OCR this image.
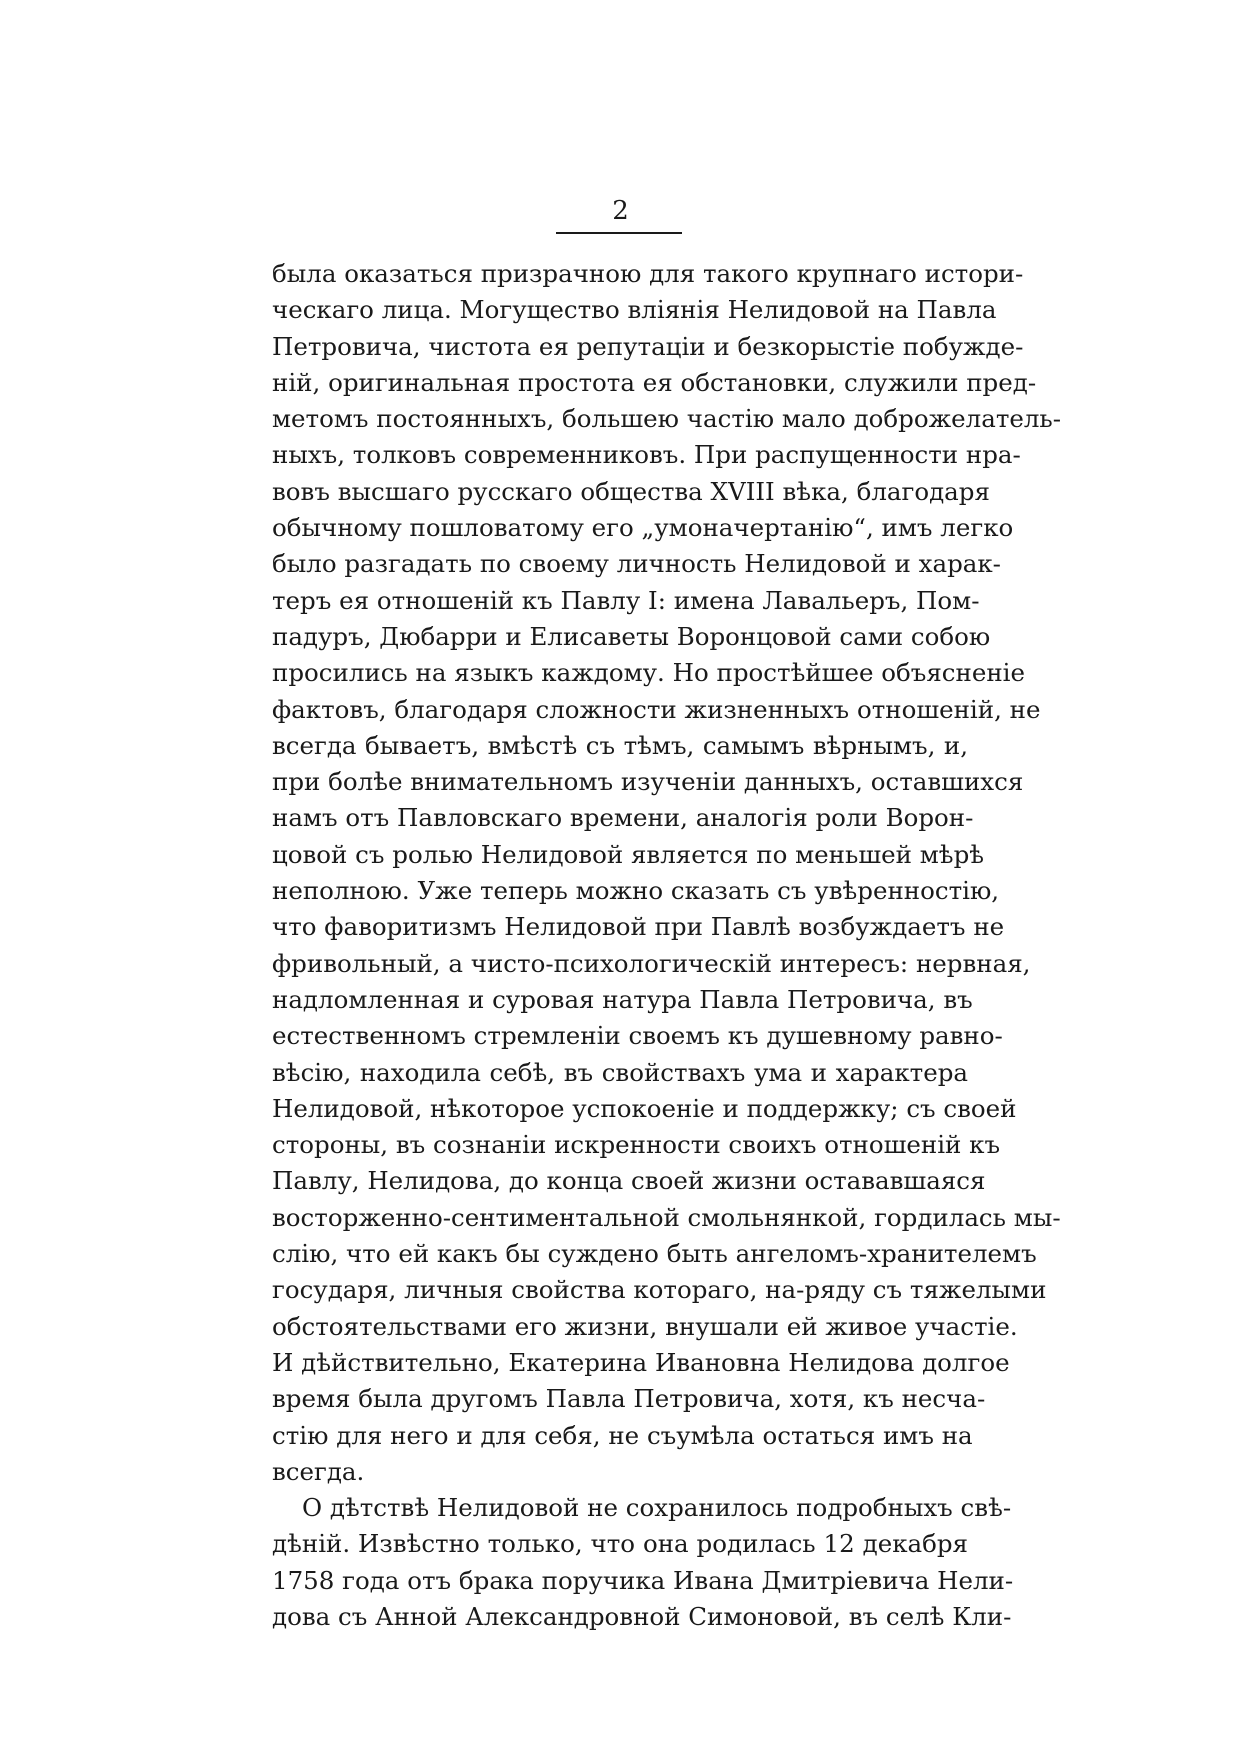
2
была оказаться призрачною для такого крупнаго истори-
ческаго лица. Могущество влiянiя Нелидовой на Павла
Петровича, чистота ея репутацiи и безкорыстiе побужде-
нiй, оригинальная простота ея обстановки, служили пред-
метомъ постоянныхъ, большею частiю мало доброжелатель-
ныхъ, толковъ современниковъ. При распущенности нра-
вовъ высшаго русскаго общества XVIII вѣка, благодаря
обычному пошловатому его „умоначертанiю“, имъ легко
было разгадать по своему личность Нелидовой и харак-
теръ ея отношенiй къ Павлу I: имена Лавальеръ, Пом-
падуръ, Дюбарри и Елисаветы Воронцовой сами собою
просились на языкъ каждому. Но простѣйшее объясненiе
фактовъ, благодаря сложности жизненныхъ отношенiй, не
всегда бываетъ, вмѣстѣ съ тѣмъ, самымъ вѣрнымъ, и,
при болѣе внимательномъ изученiи данныхъ, оставшихся
намъ отъ Павловскаго времени, аналогiя роли Ворон-
цовой съ ролью Нелидовой является по меньшей мѣрѣ
неполною. Уже теперь можно сказать съ увѣренностiю,
что фаворитизмъ Нелидовой при Павлѣ возбуждаетъ не
фривольный, а чисто-психологическiй интересъ: нервная,
надломленная и суровая натура Павла Петровича, въ
естественномъ стремленiи своемъ къ душевному равно-
вѣсiю, находила себѣ, въ свойствахъ ума и характера
Нелидовой, нѣкоторое успокоенiе и поддержку; съ своей
стороны, въ сознанiи искренности своихъ отношенiй къ
Павлу, Нелидова, до конца своей жизни остававшаяся
восторженно-сентиментальной смольнянкой, гордилась мы-
слiю, что ей какъ бы суждено быть ангеломъ-хранителемъ
государя, личныя свойства котораго, на-ряду съ тяжелыми
обстоятельствами его жизни, внушали ей живое участiе.
И дѣйствительно, Екатерина Ивановна Нелидова долгое
время была другомъ Павла Петровича, хотя, къ несча-
стiю для него и для себя, не съумѣла остаться имъ на
всегда.
О дѣтствѣ Нелидовой не сохранилось подробныхъ свѣ-
дѣнiй. Извѣстно только, что она родилась 12 декабря
1758 года отъ брака поручика Ивана Дмитрiевича Нели-
дова съ Анной Александровной Симоновой, въ селѣ Кли-
